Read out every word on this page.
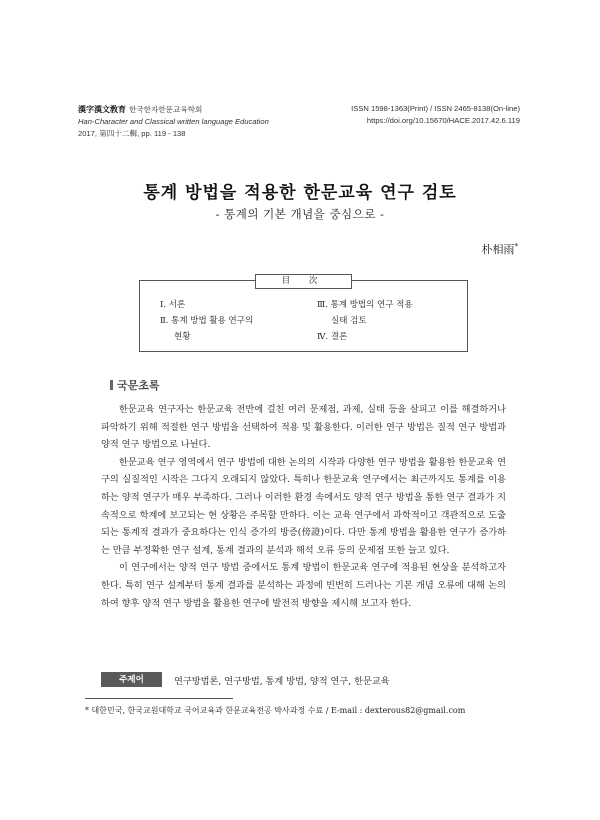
漢字漢文敎育 한국한자한문교육학회
Han-Character and Classical written language Education
2017, 第四十二輯, pp. 119 - 138
ISSN 1598-1363(Print) / ISSN 2465-8138(On-line)
https://doi.org/10.15670/HACE.2017.42.6.119
통계 방법을 적용한 한문교육 연구 검토
- 통계의 기본 개념을 중심으로 -
朴相雨*
目 次
Ⅰ. 서론
Ⅱ. 통계 방법 활용 연구의
현황
Ⅲ. 통계 방법의 연구 적용
실태 검토
Ⅳ. 결론
국문초록

한문교육 연구자는 한문교육 전반에 걸친 여러 문제점, 과제, 실태 등을 살피고 이를 해결하거나 파악하기 위해 적절한 연구 방법을 선택하여 적용 및 활용한다. 이러한 연구 방법은 질적 연구 방법과 양적 연구 방법으로 나뉜다.

한문교육 연구 영역에서 연구 방법에 대한 논의의 시작과 다양한 연구 방법을 활용한 한문교육 연구의 실질적인 시작은 그다지 오래되지 않았다. 특히나 한문교육 연구에서는 최근까지도 통계를 이용하는 양적 연구가 매우 부족하다. 그러나 이러한 환경 속에서도 양적 연구 방법을 통한 연구 결과가 지속적으로 학계에 보고되는 현 상황은 주목할 만하다. 이는 교육 연구에서 과학적이고 객관적으로 도출되는 통계적 결과가 중요하다는 인식 증가의 방증(傍證)이다. 다만 통계 방법을 활용한 연구가 증가하는 만큼 부정확한 연구 설계, 통계 결과의 분석과 해석 오류 등의 문제점 또한 늘고 있다.

이 연구에서는 양적 연구 방법 중에서도 통계 방법이 한문교육 연구에 적용된 현상을 분석하고자 한다. 특히 연구 설계부터 통계 결과를 분석하는 과정에 빈번히 드러나는 기본 개념 오류에 대해 논의하여 향후 양적 연구 방법을 활용한 연구에 발전적 방향을 제시해 보고자 한다.

주제어	연구방법론, 연구방법, 통계 방법, 양적 연구, 한문교육
* 대한민국, 한국교원대학교 국어교육과 한문교육전공 박사과정 수료 / E-mail : dexterous82@gmail.com
